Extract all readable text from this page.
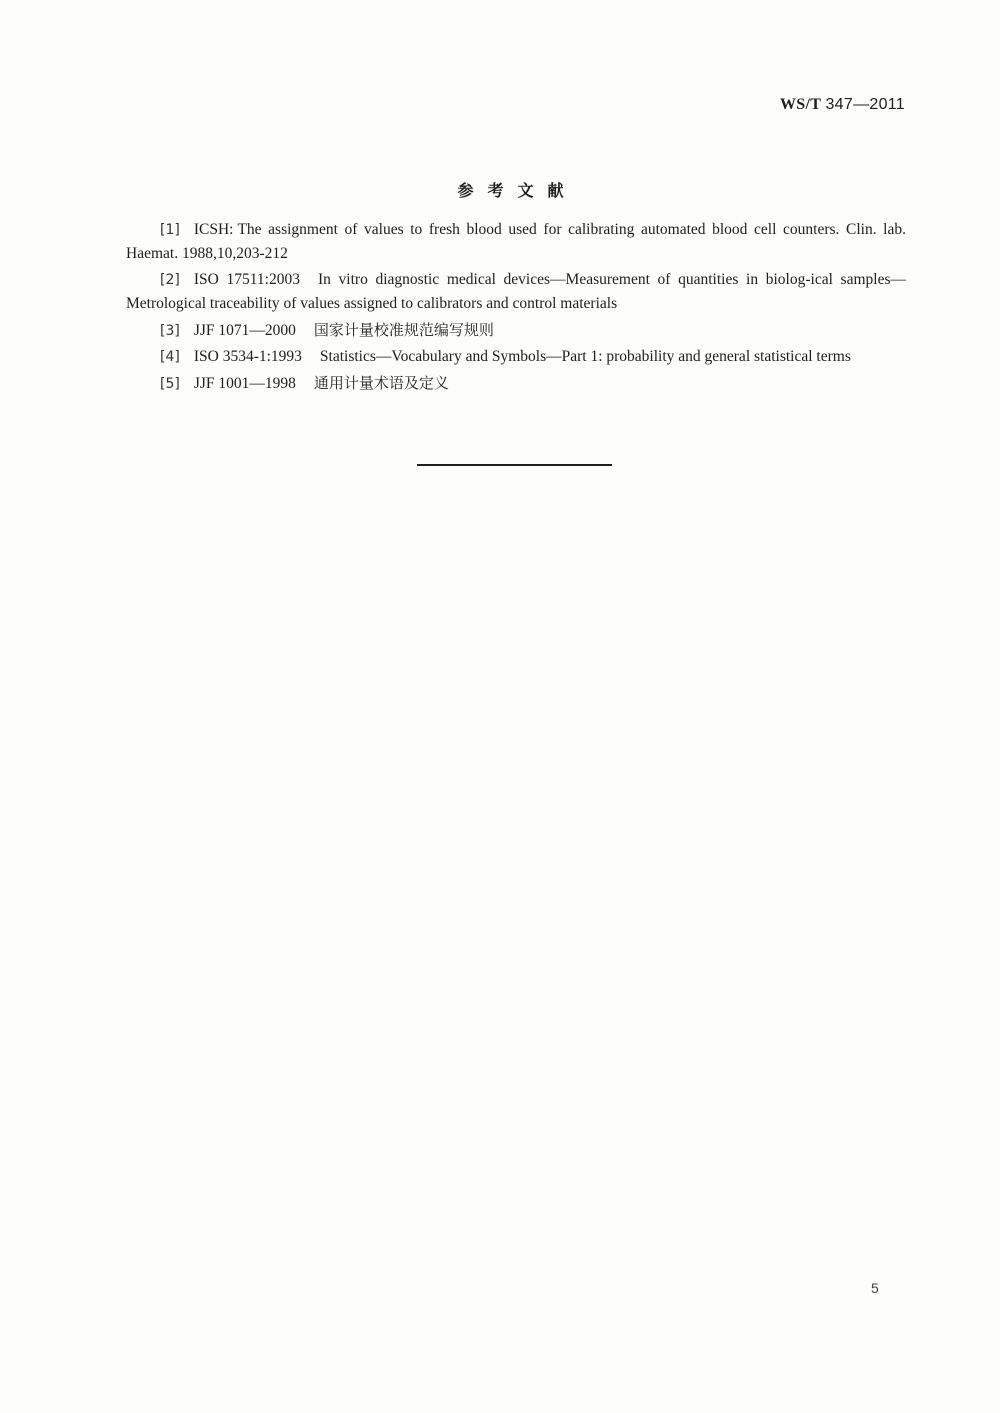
WS/T 347—2011
参考文献
[1] ICSH: The assignment of values to fresh blood used for calibrating automated blood cell counters. Clin. lab. Haemat. 1988,10,203-212
[2] ISO 17511:2003 In vitro diagnostic medical devices—Measurement of quantities in biolog-ical samples—Metrological traceability of values assigned to calibrators and control materials
[3] JJF 1071—2000 国家计量校准规范编写规则
[4] ISO 3534-1:1993 Statistics—Vocabulary and Symbols—Part 1: probability and general statistical terms
[5] JJF 1001—1998 通用计量术语及定义
5
